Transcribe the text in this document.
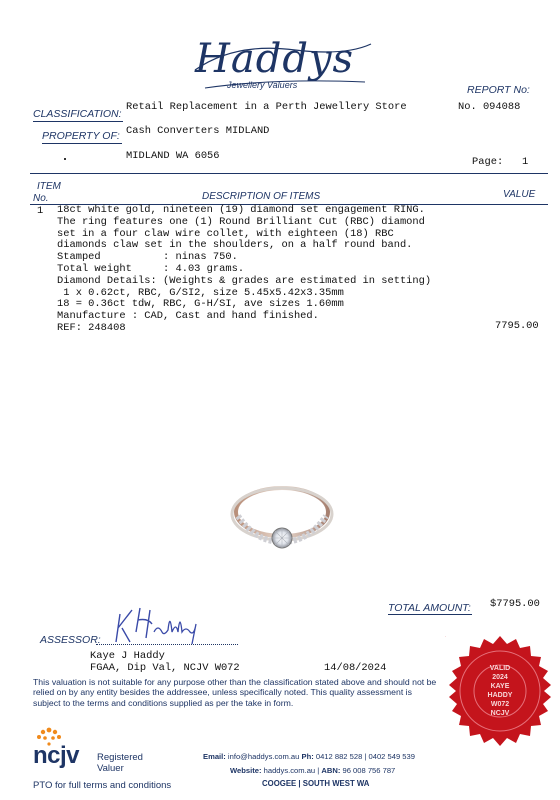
Haddys
Jewellery Valuers	REPORT No:
No. 094088
CLASSIFICATION:
Retail Replacement in a Perth Jewellery Store
PROPERTY OF: Cash Converters MIDLAND
MIDLAND WA 6056	Page: 1
ITEM
No.	DESCRIPTION OF ITEMS	VALUE
1 18ct white gold, nineteen (19) diamond set engagement RING.
The ring features one (1) Round Brilliant Cut (RBC) diamond
set in a four claw wire collet, with eighteen (18) RBC
diamonds claw set in the shoulders, on a half round band.
Stamped          : ninas 750.
Total weight     : 4.03 grams.
Diamond Details: (Weights & grades are estimated in setting)
1 x 0.62ct, RBC, G/SI2, size 5.45x5.42x3.35mm
18 = 0.36ct tdw, RBC, G-H/SI, ave sizes 1.60mm
Manufacture : CAD, Cast and hand finished.
REF: 248408	7795.00
TOTAL AMOUNT: $7795.00
ASSESSOR:
Kaye J Haddy
FGAA, Dip Val, NCJV W072	14/08/2024
This valuation is not suitable for any purpose other than the classification stated above and should not be relied on by any entity besides the addressee, unless specifically noted. This quality assessment is subject to the terms and conditions supplied as per the take in form.
VALID
2024
KAYE
HADDY
W072
NCJV
ncjv Registered
Valuer
PTO for full terms and conditions
Email: info@haddys.com.au Ph: 0412 882 528 | 0402 549 539
Website: haddys.com.au | ABN: 96 008 756 787
COOGEE | SOUTH WEST WA
